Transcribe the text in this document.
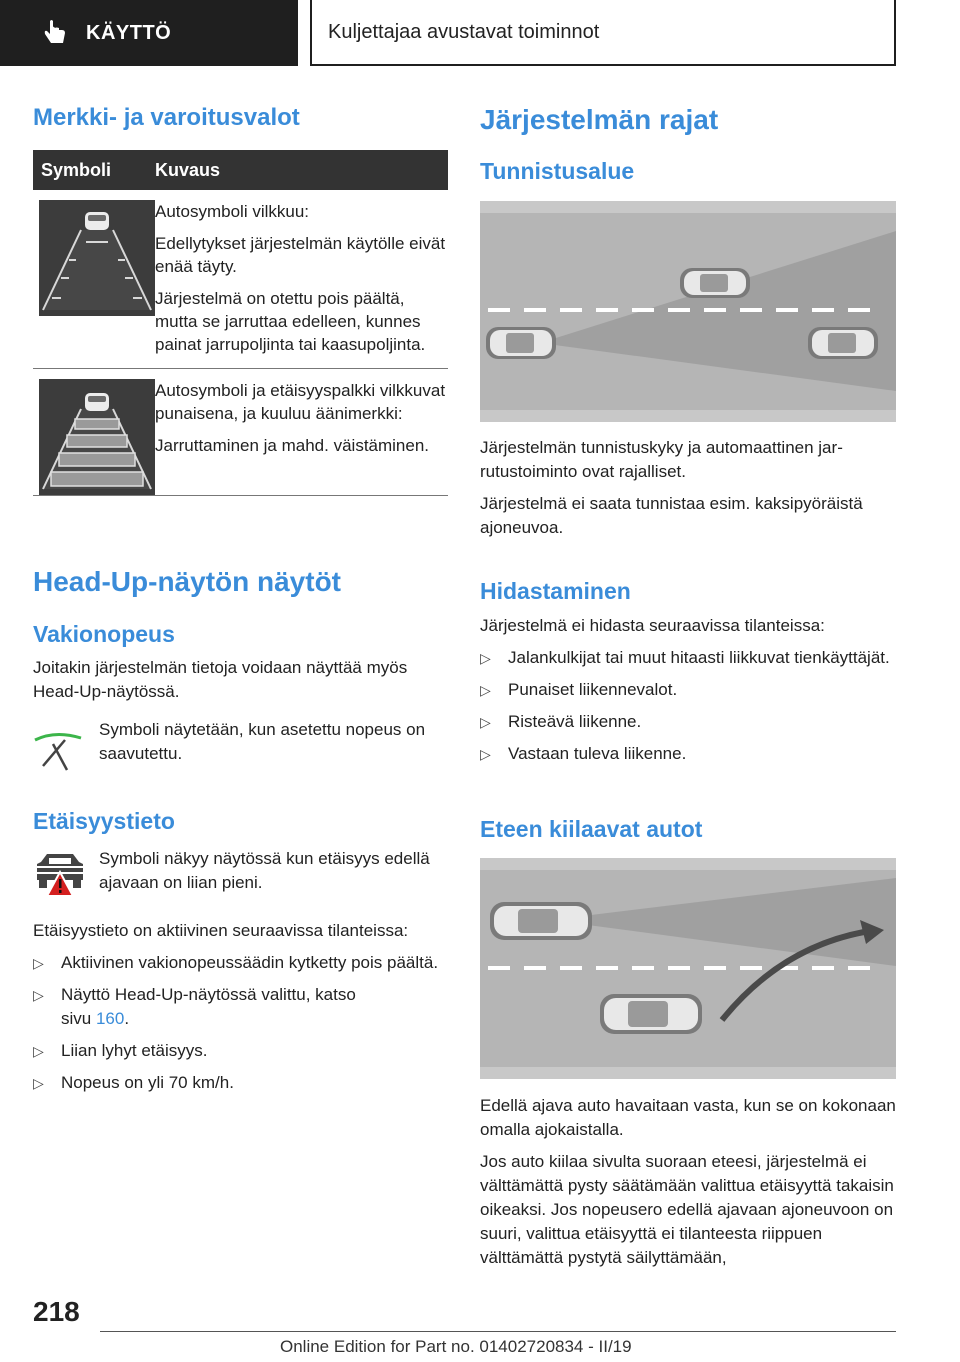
KÄYTTÖ	Kuljettajaa avustavat toiminnot
Merkki- ja varoitusvalot
Symboli	Kuvaus

Autosymboli vilkkuu:

Edellytykset järjestelmän käytölle eivät enää täyty.

Järjestelmä on otettu pois päältä, mutta se jarruttaa edelleen, kunnes painat jarrupoljinta tai kaasupoljinta.

Autosymboli ja etäisyyspalkki vilkkuvat punaisena, ja kuuluu äänimerkki:

Jarruttaminen ja mahd. väistäminen.

Head-Up-näytön näytöt
Vakionopeus
Joitakin järjestelmän tietoja voidaan näyttää myös Head-Up-näytössä.
Symboli näytetään, kun asetettu nopeus on saavutettu.
Etäisyystieto
Symboli näkyy näytössä kun etäisyys edellä ajavaan on liian pieni.
Etäisyystieto on aktiivinen seuraavissa tilanteissa:
▷ Aktiivinen vakionopeussäädin kytketty pois päältä.
▷ Näyttö Head-Up-näytössä valittu, katso
sivu 160.
▷ Liian lyhyt etäisyys.
▷ Nopeus on yli 70 km/h.
Järjestelmän rajat
Tunnistusalue
Järjestelmän tunnistuskyky ja automaattinen jarrutustoiminto ovat rajalliset.
Järjestelmä ei saata tunnistaa esim. kaksipyöräistä ajoneuvoa.
Hidastaminen
Järjestelmä ei hidasta seuraavissa tilanteissa:
▷ Jalankulkijat tai muut hitaasti liikkuvat tienkäyttäjät.
▷ Punaiset liikennevalot.
▷ Risteävä liikenne.
▷ Vastaan tuleva liikenne.
Eteen kiilaavat autot
Edellä ajava auto havaitaan vasta, kun se on kokonaan omalla ajokaistalla.
Jos auto kiilaa sivulta suoraan eteesi, järjestelmä ei välttämättä pysty säätämään valittua etäisyyttä takaisin oikeaksi. Jos nopeusero edellä ajavaan ajoneuvoon on suuri, valittua etäisyyttä ei tilanteesta riippuen välttämättä pystytä säilyttämään,
218
Online Edition for Part no. 01402720834 - II/19
